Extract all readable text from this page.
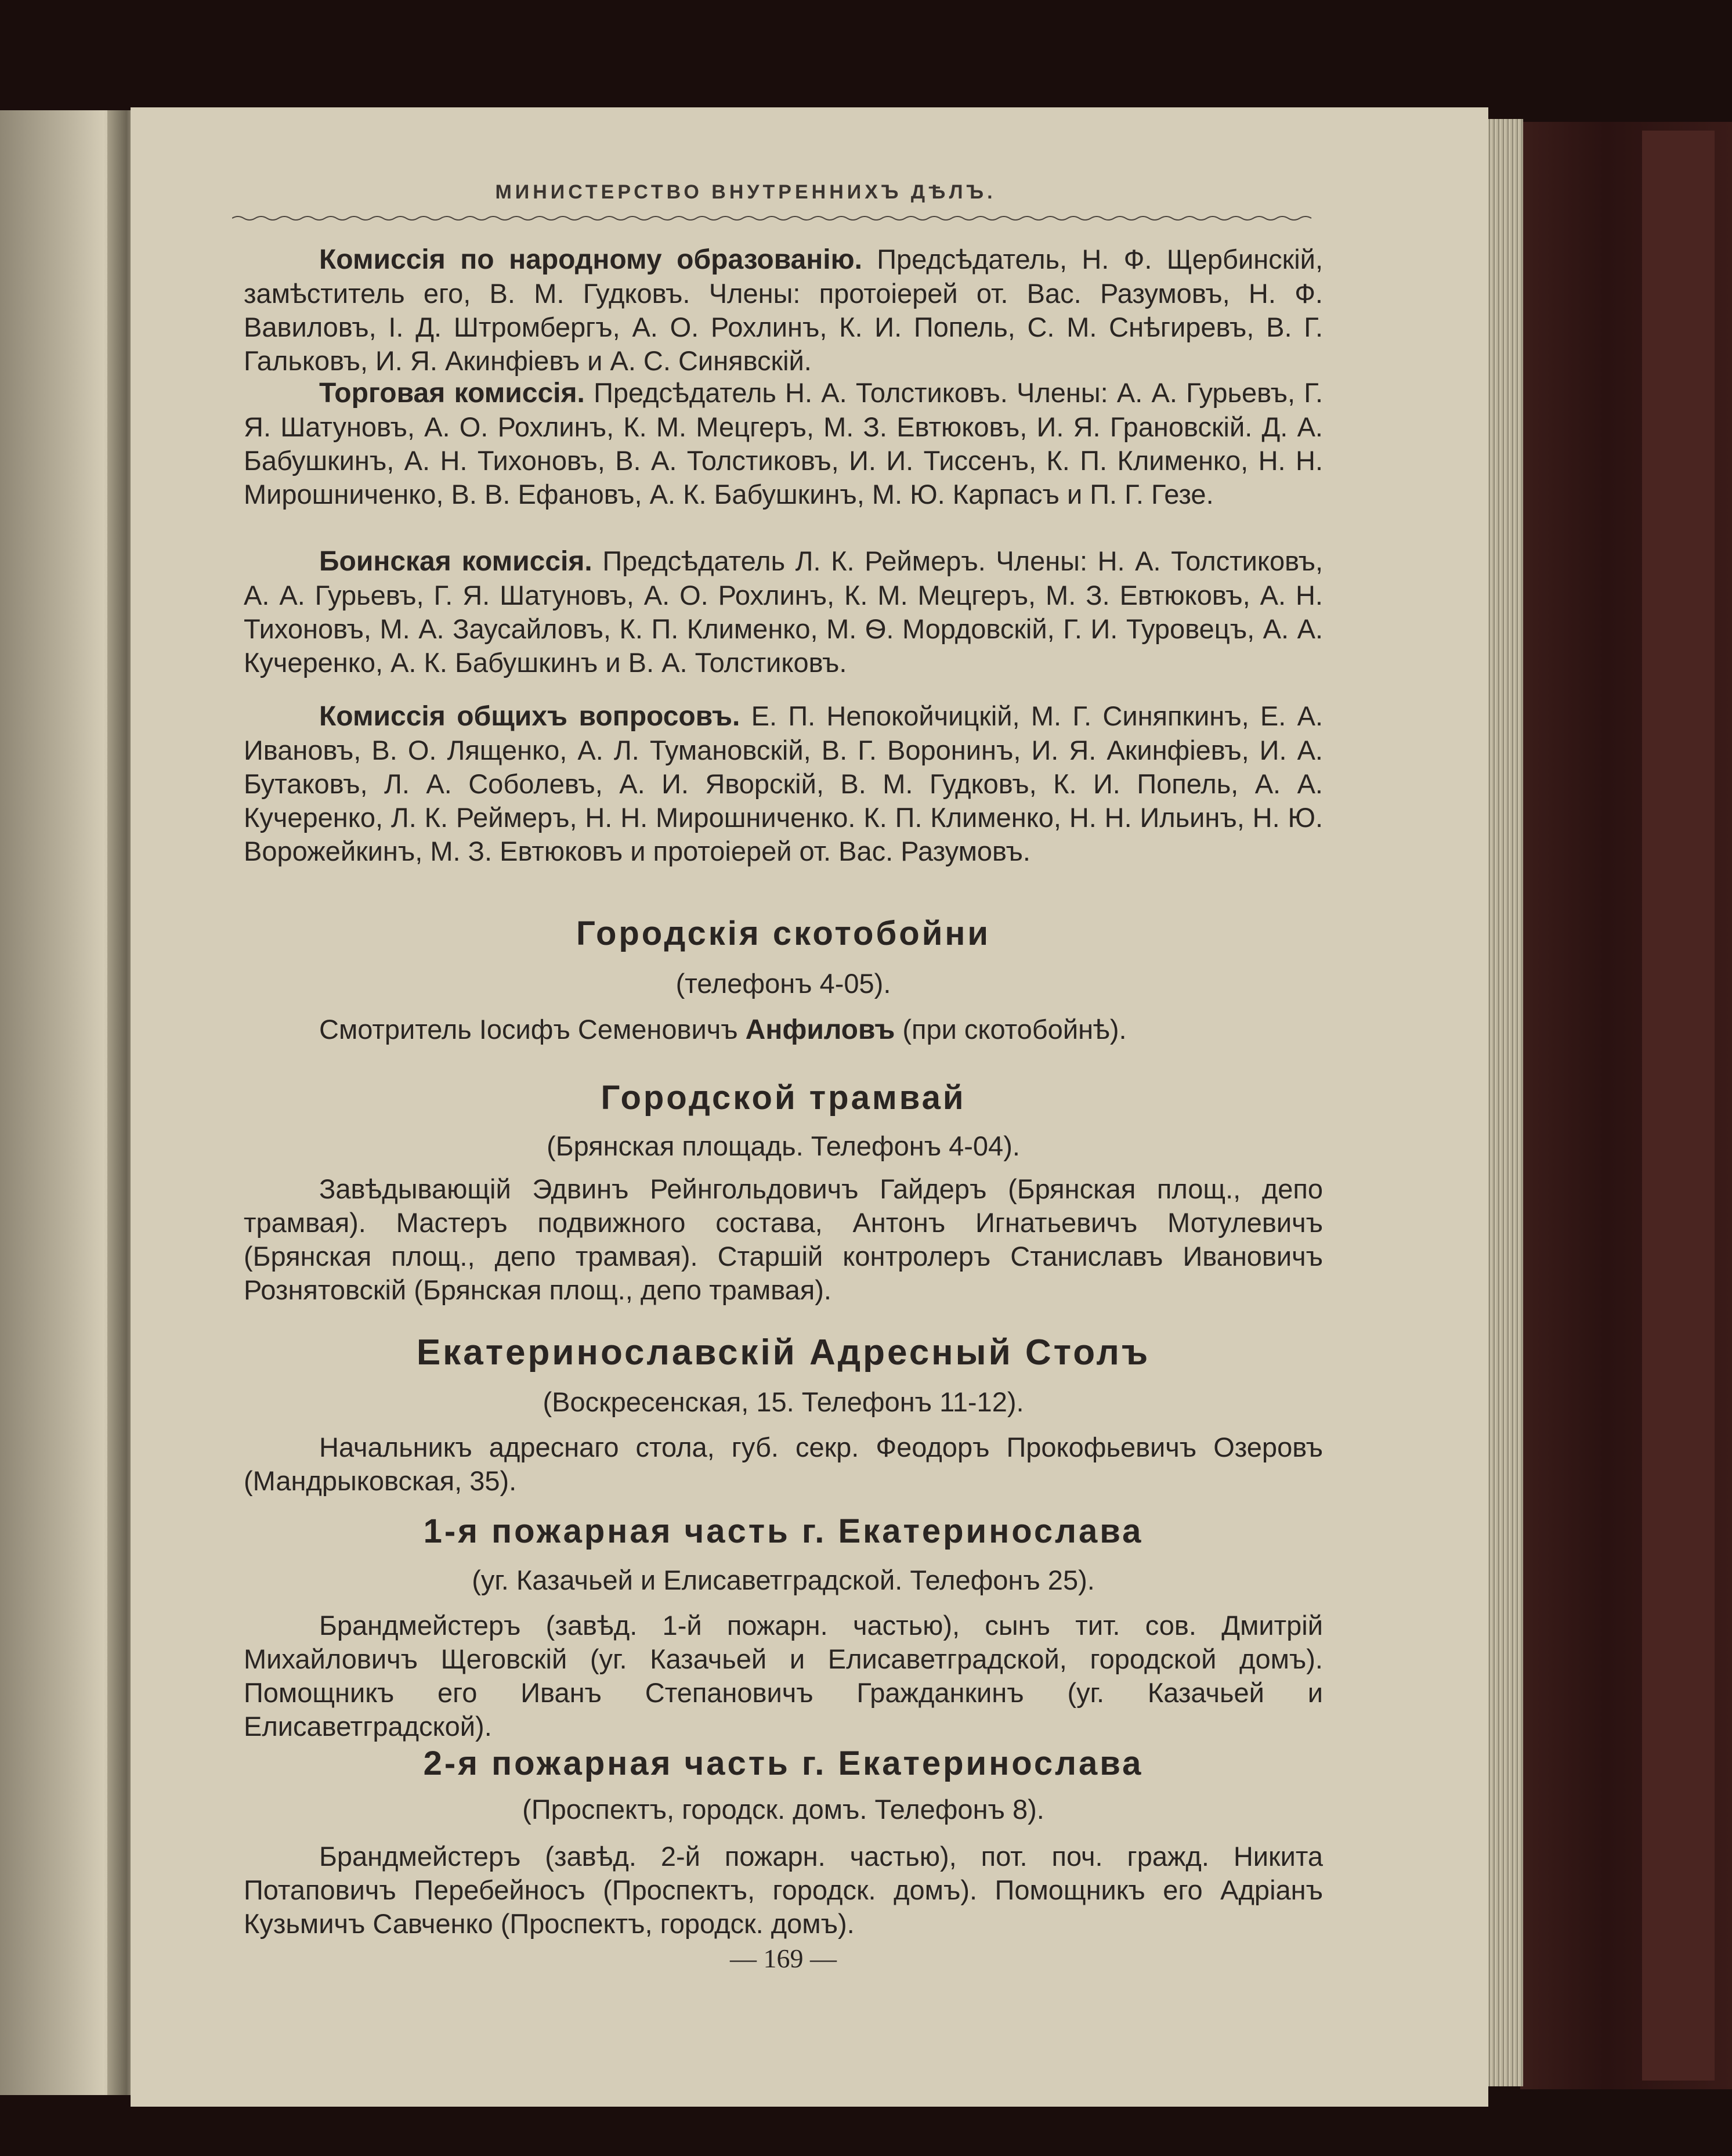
МИНИСТЕРСТВО ВНУТРЕННИХЪ ДѢЛЪ.
Комиссія по народному образованію. Предсѣдатель, Н. Ф. Щербинскій, замѣститель его, В. М. Гудковъ. Члены: протоіерей от. Вас. Разумовъ, Н. Ф. Вавиловъ, І. Д. Штромбергъ, А. О. Рохлинъ, К. И. Попель, С. М. Снѣгиревъ, В. Г. Гальковъ, И. Я. Акинфіевъ и А. С. Синявскій.
Торговая комиссія. Предсѣдатель Н. А. Толстиковъ. Члены: А. А. Гурьевъ, Г. Я. Шатуновъ, А. О. Рохлинъ, К. М. Мецгеръ, М. З. Евтюковъ, И. Я. Грановскій. Д. А. Бабушкинъ, А. Н. Тихоновъ, В. А. Толстиковъ, И. И. Тиссенъ, К. П. Клименко, Н. Н. Мирошниченко, В. В. Ефановъ, А. К. Бабушкинъ, М. Ю. Карпасъ и П. Г. Гезе.
Боинская комиссія. Предсѣдатель Л. К. Реймеръ. Члены: Н. А. Толстиковъ, А. А. Гурьевъ, Г. Я. Шатуновъ, А. О. Рохлинъ, К. М. Мецгеръ, М. З. Евтюковъ, А. Н. Тихоновъ, М. А. Заусайловъ, К. П. Клименко, М. Ѳ. Мордовскій, Г. И. Туровецъ, А. А. Кучеренко, А. К. Бабушкинъ и В. А. Толстиковъ.
Комиссія общихъ вопросовъ. Е. П. Непокойчицкій, М. Г. Синяпкинъ, Е. А. Ивановъ, В. О. Лященко, А. Л. Тумановскій, В. Г. Воронинъ, И. Я. Акинфіевъ, И. А. Бутаковъ, Л. А. Соболевъ, А. И. Яворскій, В. М. Гудковъ, К. И. Попель, А. А. Кучеренко, Л. К. Реймеръ, Н. Н. Мирошниченко. К. П. Клименко, Н. Н. Ильинъ, Н. Ю. Ворожейкинъ, М. З. Евтюковъ и протоіерей от. Вас. Разумовъ.
Городскія скотобойни
(телефонъ 4-05).
Смотритель Іосифъ Семеновичъ Анфиловъ (при скотобойнѣ).
Городской трамвай
(Брянская площадь. Телефонъ 4-04).
Завѣдывающій Эдвинъ Рейнгольдовичъ Гайдеръ (Брянская площ., депо трамвая). Мастеръ подвижного состава, Антонъ Игнатьевичъ Мотулевичъ (Брянская площ., депо трамвая). Старшій контролеръ Станиславъ Ивановичъ Рознятовскій (Брянская площ., депо трамвая).
Екатеринославскій Адресный Столъ
(Воскресенская, 15. Телефонъ 11-12).
Начальникъ адреснаго стола, губ. секр. Феодоръ Прокофьевичъ Озеровъ (Мандрыковская, 35).
1-я пожарная часть г. Екатеринослава
(уг. Казачьей и Елисаветградской. Телефонъ 25).
Брандмейстеръ (завѣд. 1-й пожарн. частью), сынъ тит. сов. Дмитрій Михайловичъ Щеговскій (уг. Казачьей и Елисаветградской, городской домъ). Помощникъ его Иванъ Степановичъ Гражданкинъ (уг. Казачьей и Елисаветградской).
2-я пожарная часть г. Екатеринослава
(Проспектъ, городск. домъ. Телефонъ 8).
Брандмейстеръ (завѣд. 2-й пожарн. частью), пот. поч. гражд. Никита Потаповичъ Перебейносъ (Проспектъ, городск. домъ). Помощникъ его Адріанъ Кузьмичъ Савченко (Проспектъ, городск. домъ).
— 169 —
